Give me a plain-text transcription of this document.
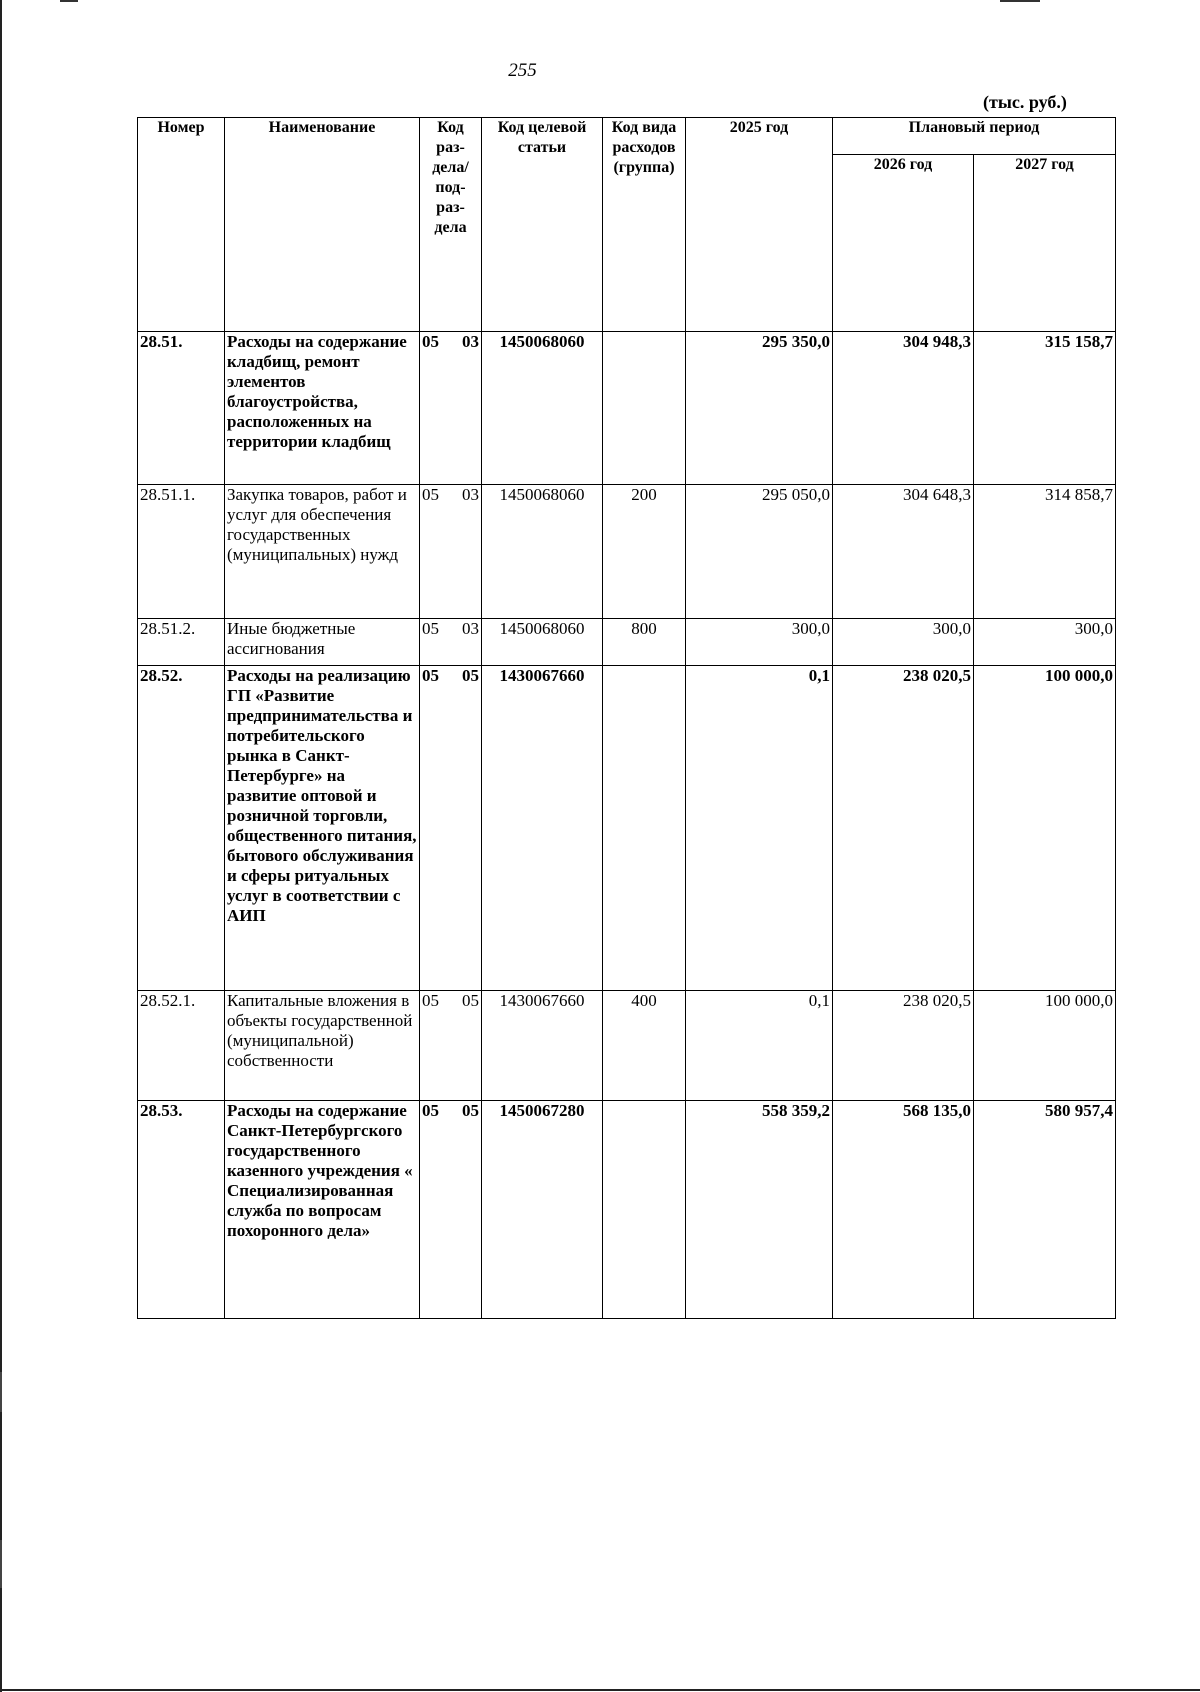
255
(тыс. руб.)
Номер	Наименование	Код раз-дела/ под-раз-дела		Код целевой статьи	Код вида расходов (группа)	2025 год	Плановый период	
							2026 год	2027 год
28.51.	Расходы на содержание кладбищ, ремонт элементов благоустройства, расположенных на территории кладбищ	05	03	1450068060		295 350,0	304 948,3	315 158,7
28.51.1.	Закупка товаров, работ и услуг для обеспечения государственных (муниципальных) нужд	05	03	1450068060	200	295 050,0	304 648,3	314 858,7
28.51.2.	Иные бюджетные ассигнования	05	03	1450068060	800	300,0	300,0	300,0
28.52.	Расходы на реализацию ГП «Развитие предпринимательства и потребительского рынка в Санкт-Петербурге» на развитие оптовой и розничной торговли, общественного питания, бытового обслуживания и сферы ритуальных услуг в соответствии с АИП	05	05	1430067660		0,1	238 020,5	100 000,0
28.52.1.	Капитальные вложения в объекты государственной (муниципальной) собственности	05	05	1430067660	400	0,1	238 020,5	100 000,0
28.53.	Расходы на содержание Санкт-Петербургского государственного казенного учреждения « Специализированная служба по вопросам похоронного дела»	05	05	1450067280		558 359,2	568 135,0	580 957,4
